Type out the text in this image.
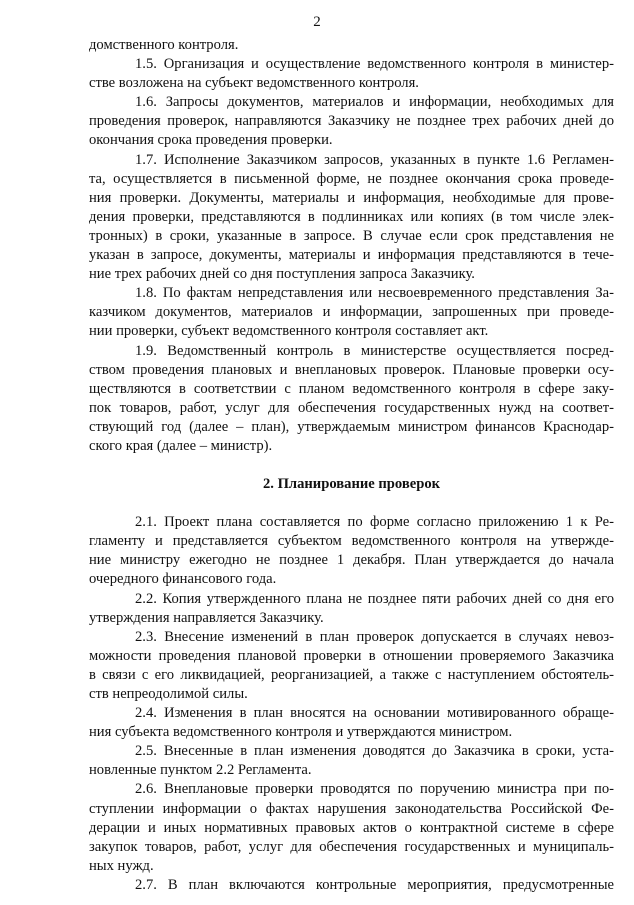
2
домственного контроля.
1.5. Организация и осуществление ведомственного контроля в министер-
стве возложена на субъект ведомственного контроля.
1.6. Запросы документов, материалов и информации, необходимых для
проведения проверок, направляются Заказчику не позднее трех рабочих дней до
окончания срока проведения проверки.
1.7. Исполнение Заказчиком запросов, указанных в пункте 1.6 Регламен-
та, осуществляется в письменной форме, не позднее окончания срока проведе-
ния проверки. Документы, материалы и информация, необходимые для прове-
дения проверки, представляются в подлинниках или копиях (в том числе элек-
тронных) в сроки, указанные в запросе. В случае если срок представления не
указан в запросе, документы, материалы и информация представляются в тече-
ние трех рабочих дней со дня поступления запроса Заказчику.
1.8. По фактам непредставления или несвоевременного представления За-
казчиком документов, материалов и информации, запрошенных при проведе-
нии проверки, субъект ведомственного контроля составляет акт.
1.9. Ведомственный контроль в министерстве осуществляется посред-
ством проведения плановых и внеплановых проверок. Плановые проверки осу-
ществляются в соответствии с планом ведомственного контроля в сфере заку-
пок товаров, работ, услуг для обеспечения государственных нужд на соответ-
ствующий год (далее – план), утверждаемым министром финансов Краснодар-
ского края (далее – министр).
2. Планирование проверок
2.1. Проект плана составляется по форме согласно приложению 1 к Ре-
гламенту и представляется субъектом ведомственного контроля на утвержде-
ние министру ежегодно не позднее 1 декабря. План утверждается до начала
очередного финансового года.
2.2. Копия утвержденного плана не позднее пяти рабочих дней со дня его
утверждения направляется Заказчику.
2.3. Внесение изменений в план проверок допускается в случаях невоз-
можности проведения плановой проверки в отношении проверяемого Заказчика
в связи с его ликвидацией, реорганизацией, а также с наступлением обстоятель-
ств непреодолимой силы.
2.4. Изменения в план вносятся на основании мотивированного обраще-
ния субъекта ведомственного контроля и утверждаются министром.
2.5. Внесенные в план изменения доводятся до Заказчика в сроки, уста-
новленные пунктом 2.2 Регламента.
2.6. Внеплановые проверки проводятся по поручению министра при по-
ступлении информации о фактах нарушения законодательства Российской Фе-
дерации и иных нормативных правовых актов о контрактной системе в сфере
закупок товаров, работ, услуг для обеспечения государственных и муниципаль-
ных нужд.
2.7. В план включаются контрольные мероприятия, предусмотренные
